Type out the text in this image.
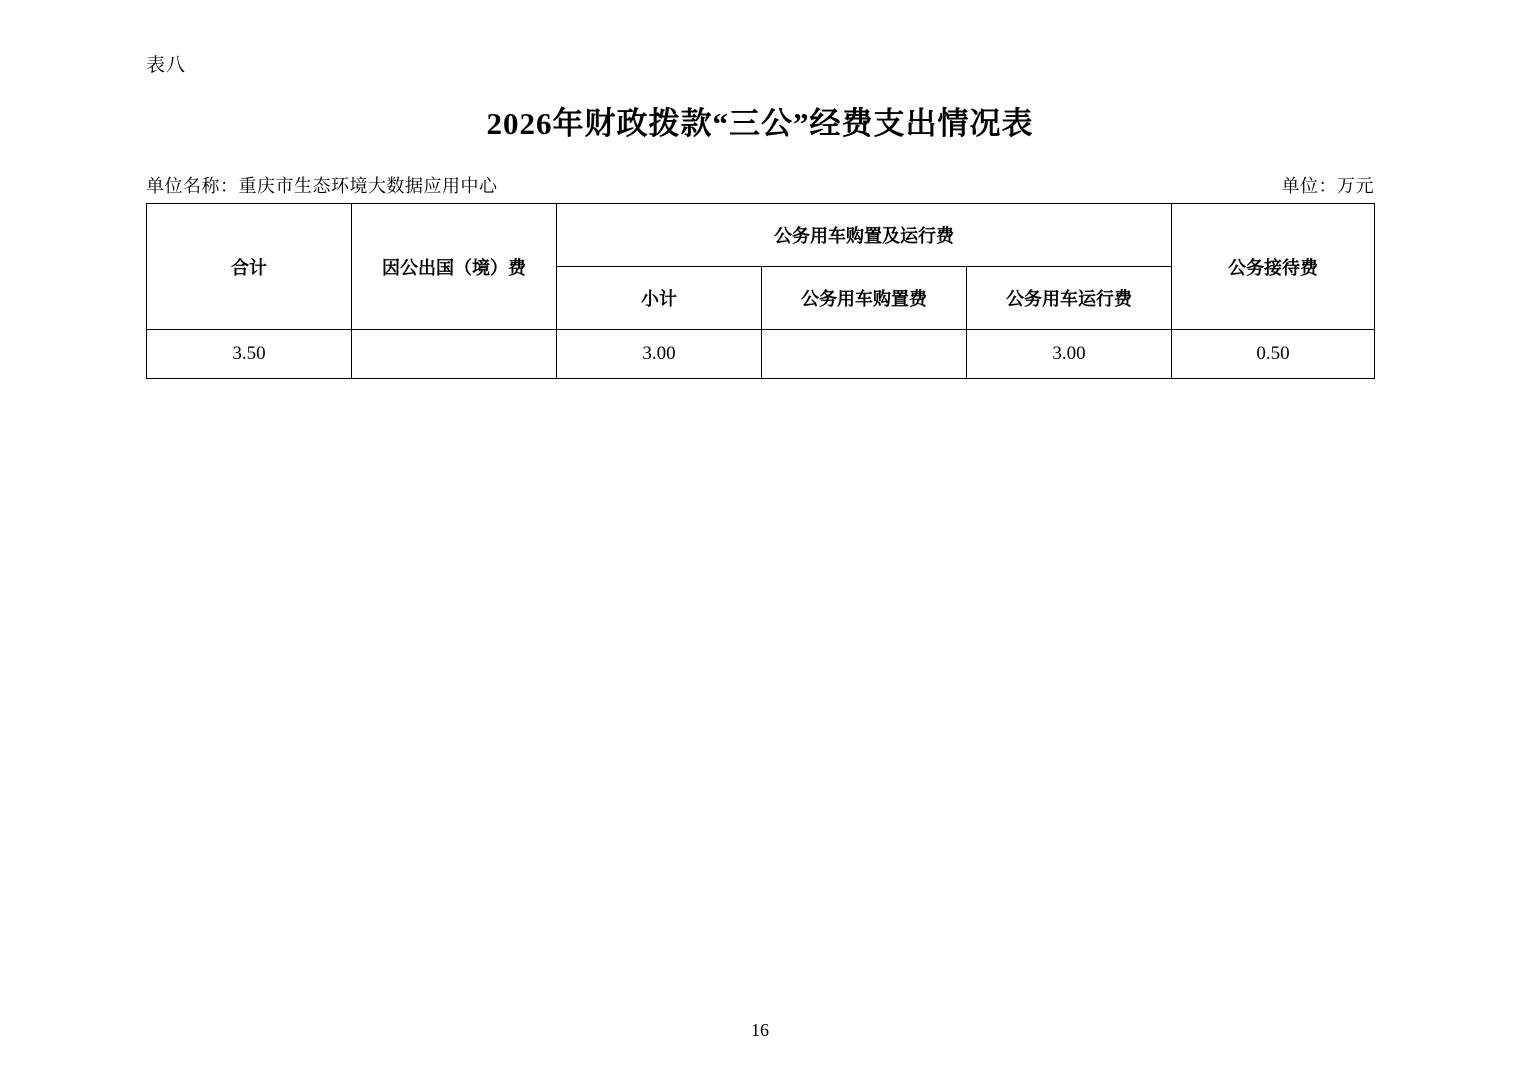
表八
2026年财政拨款“三公”经费支出情况表
单位名称：重庆市生态环境大数据应用中心	单位：万元
合计	因公出国（境）费	公务用车购置及运行费			公务接待费
		小计	公务用车购置费	公务用车运行费	
3.50		3.00		3.00	0.50
16
